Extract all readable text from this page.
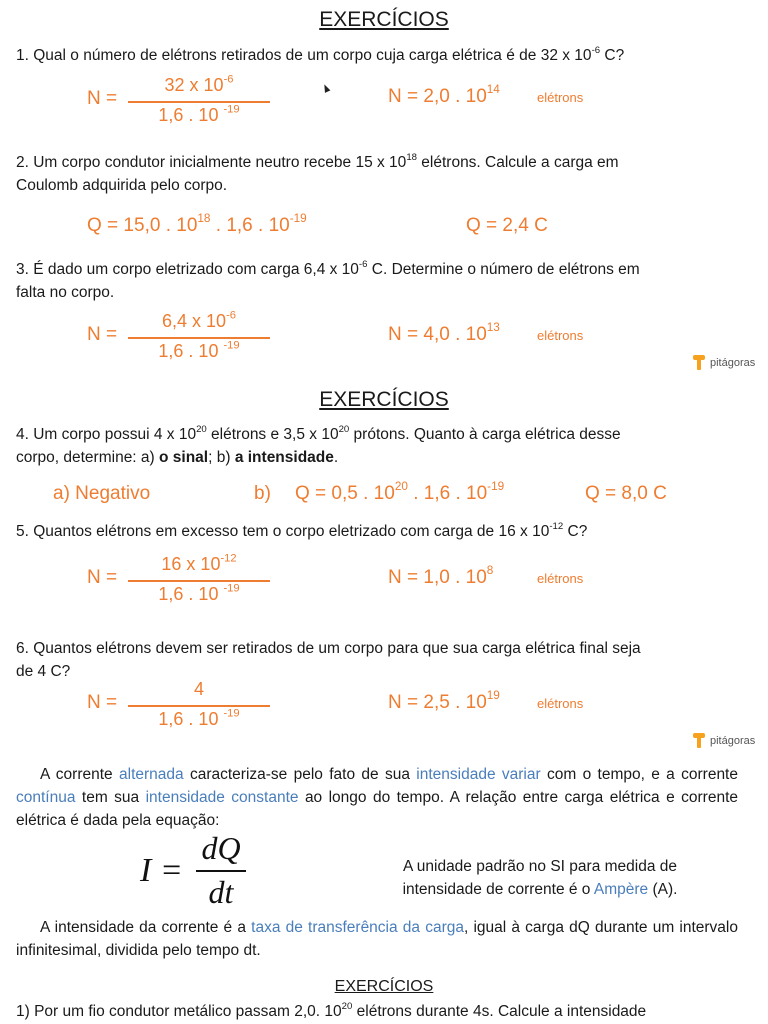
EXERCÍCIOS
1. Qual o número de elétrons retirados de um corpo cuja carga elétrica é de 32 x $10^{-6}$ C?
N =
32 x $10^{-6}$
1,6 . 10 $^{-19}$
N = 2,0 . $10^{14}$
elétrons
2. Um corpo condutor inicialmente neutro recebe 15 x $10^{18}$ elétrons. Calcule a carga em
Coulomb adquirida pelo corpo.
Q = 15,0 . $10^{18}$ . 1,6 . $10^{-19}$	Q = 2,4 C
3. É dado um corpo eletrizado com carga 6,4 x $10^{-6}$ C. Determine o número de elétrons em
falta no corpo.
N =
6,4 x $10^{-6}$
1,6 . 10 $^{-19}$
N = 4,0 . $10^{13}$
elétrons
pitágoras
EXERCÍCIOS
4. Um corpo possui 4 x $10^{20}$ elétrons e 3,5 x $10^{20}$ prótons. Quanto à carga elétrica desse
corpo, determine: a) o sinal; b) a intensidade.
a) Negativo	b) Q = 0,5 . $10^{20}$ . 1,6 . $10^{-19}$	Q = 8,0 C
5. Quantos elétrons em excesso tem o corpo eletrizado com carga de 16 x $10^{-12}$ C?
N =
16 x $10^{-12}$
1,6 . 10 $^{-19}$
N = 1,0 . $10^8$
elétrons
6. Quantos elétrons devem ser retirados de um corpo para que sua carga elétrica final seja
de 4 C?
N =
4
1,6 . 10 $^{-19}$
N = 2,5 . $10^{19}$
elétrons
pitágoras
A corrente alternada caracteriza-se pelo fato de sua intensidade variar com o tempo, e a corrente contínua tem sua intensidade constante ao longo do tempo. A relação entre carga elétrica e corrente elétrica é dada pela equação:
I =
dQ
dt
A unidade padrão no SI para medida de
intensidade de corrente é o Ampère (A).
A intensidade da corrente é a taxa de transferência da carga, igual à carga dQ durante um intervalo infinitesimal, dividida pelo tempo dt.
EXERCÍCIOS
1) Por um fio condutor metálico passam 2,0. $10^{20}$ elétrons durante 4s. Calcule a intensidade
